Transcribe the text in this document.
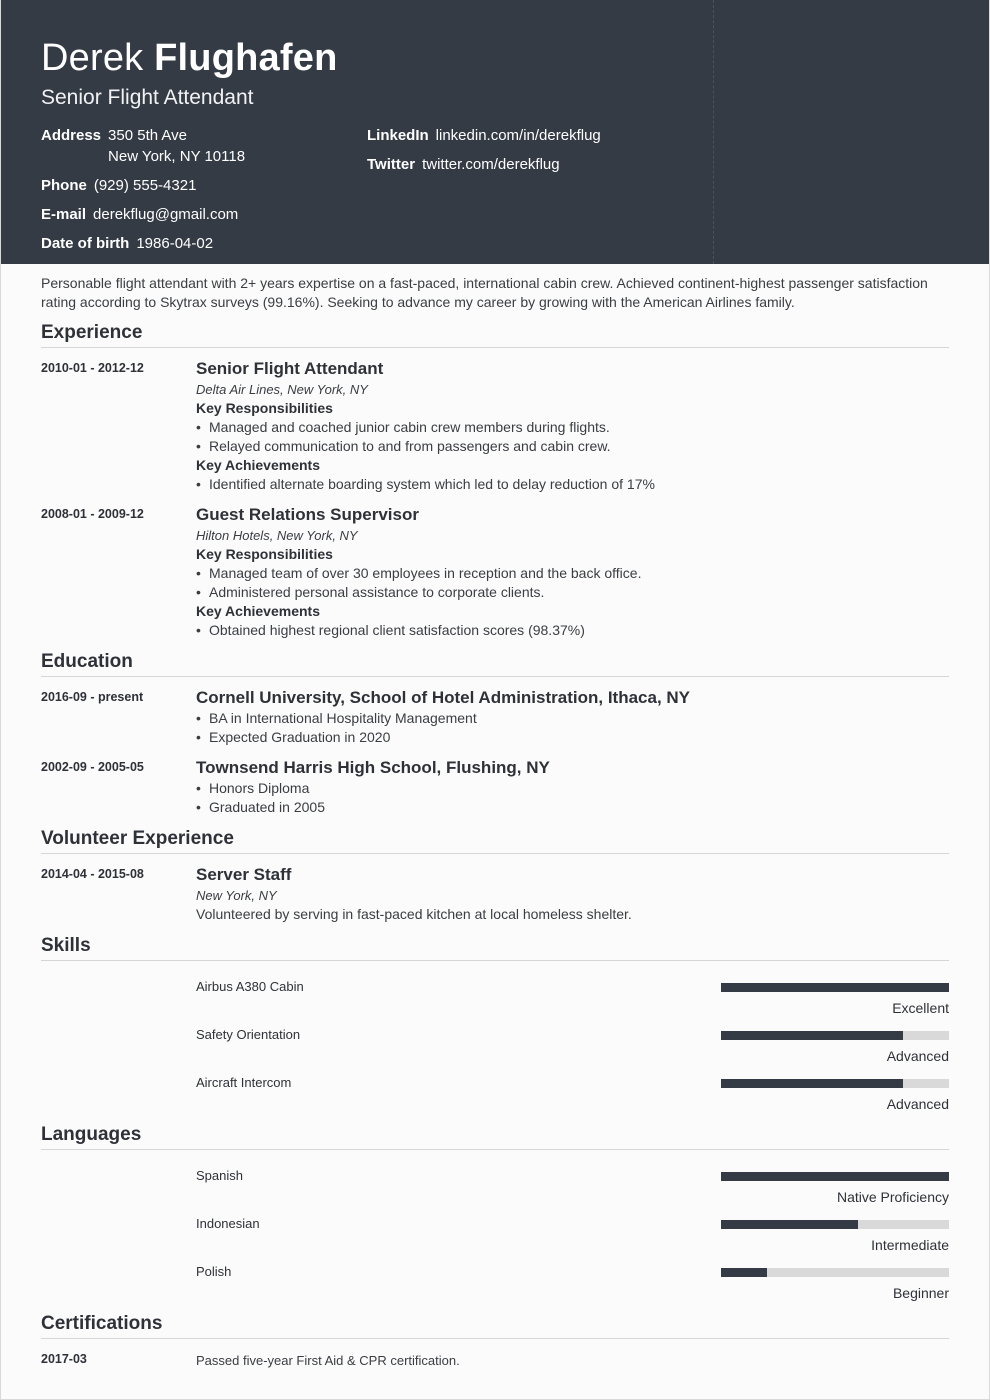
Derek Flughafen
Senior Flight Attendant
Address 350 5th Ave
New York, NY 10118
Phone (929) 555-4321
E-mail derekflug@gmail.com
Date of birth 1986-04-02
LinkedIn linkedin.com/in/derekflug
Twitter twitter.com/derekflug

Personable flight attendant with 2+ years expertise on a fast-paced, international cabin crew. Achieved continent-highest passenger satisfaction rating according to Skytrax surveys (99.16%). Seeking to advance my career by growing with the American Airlines family.

Experience
2010-01 - 2012-12	Senior Flight Attendant
Delta Air Lines, New York, NY
Key Responsibilities
• Managed and coached junior cabin crew members during flights.
• Relayed communication to and from passengers and cabin crew.
Key Achievements
• Identified alternate boarding system which led to delay reduction of 17%
2008-01 - 2009-12	Guest Relations Supervisor
Hilton Hotels, New York, NY
Key Responsibilities
• Managed team of over 30 employees in reception and the back office.
• Administered personal assistance to corporate clients.
Key Achievements
• Obtained highest regional client satisfaction scores (98.37%)
Education
2016-09 - present	Cornell University, School of Hotel Administration, Ithaca, NY
• BA in International Hospitality Management
• Expected Graduation in 2020
2002-09 - 2005-05	Townsend Harris High School, Flushing, NY
• Honors Diploma
• Graduated in 2005
Volunteer Experience
2014-04 - 2015-08	Server Staff
New York, NY
Volunteered by serving in fast-paced kitchen at local homeless shelter.
Skills
Airbus A380 Cabin
Excellent
Safety Orientation
Advanced
Aircraft Intercom
Advanced
Languages
Spanish
Native Proficiency
Indonesian
Intermediate
Polish
Beginner
Certifications
2017-03	Passed five-year First Aid & CPR certification.
